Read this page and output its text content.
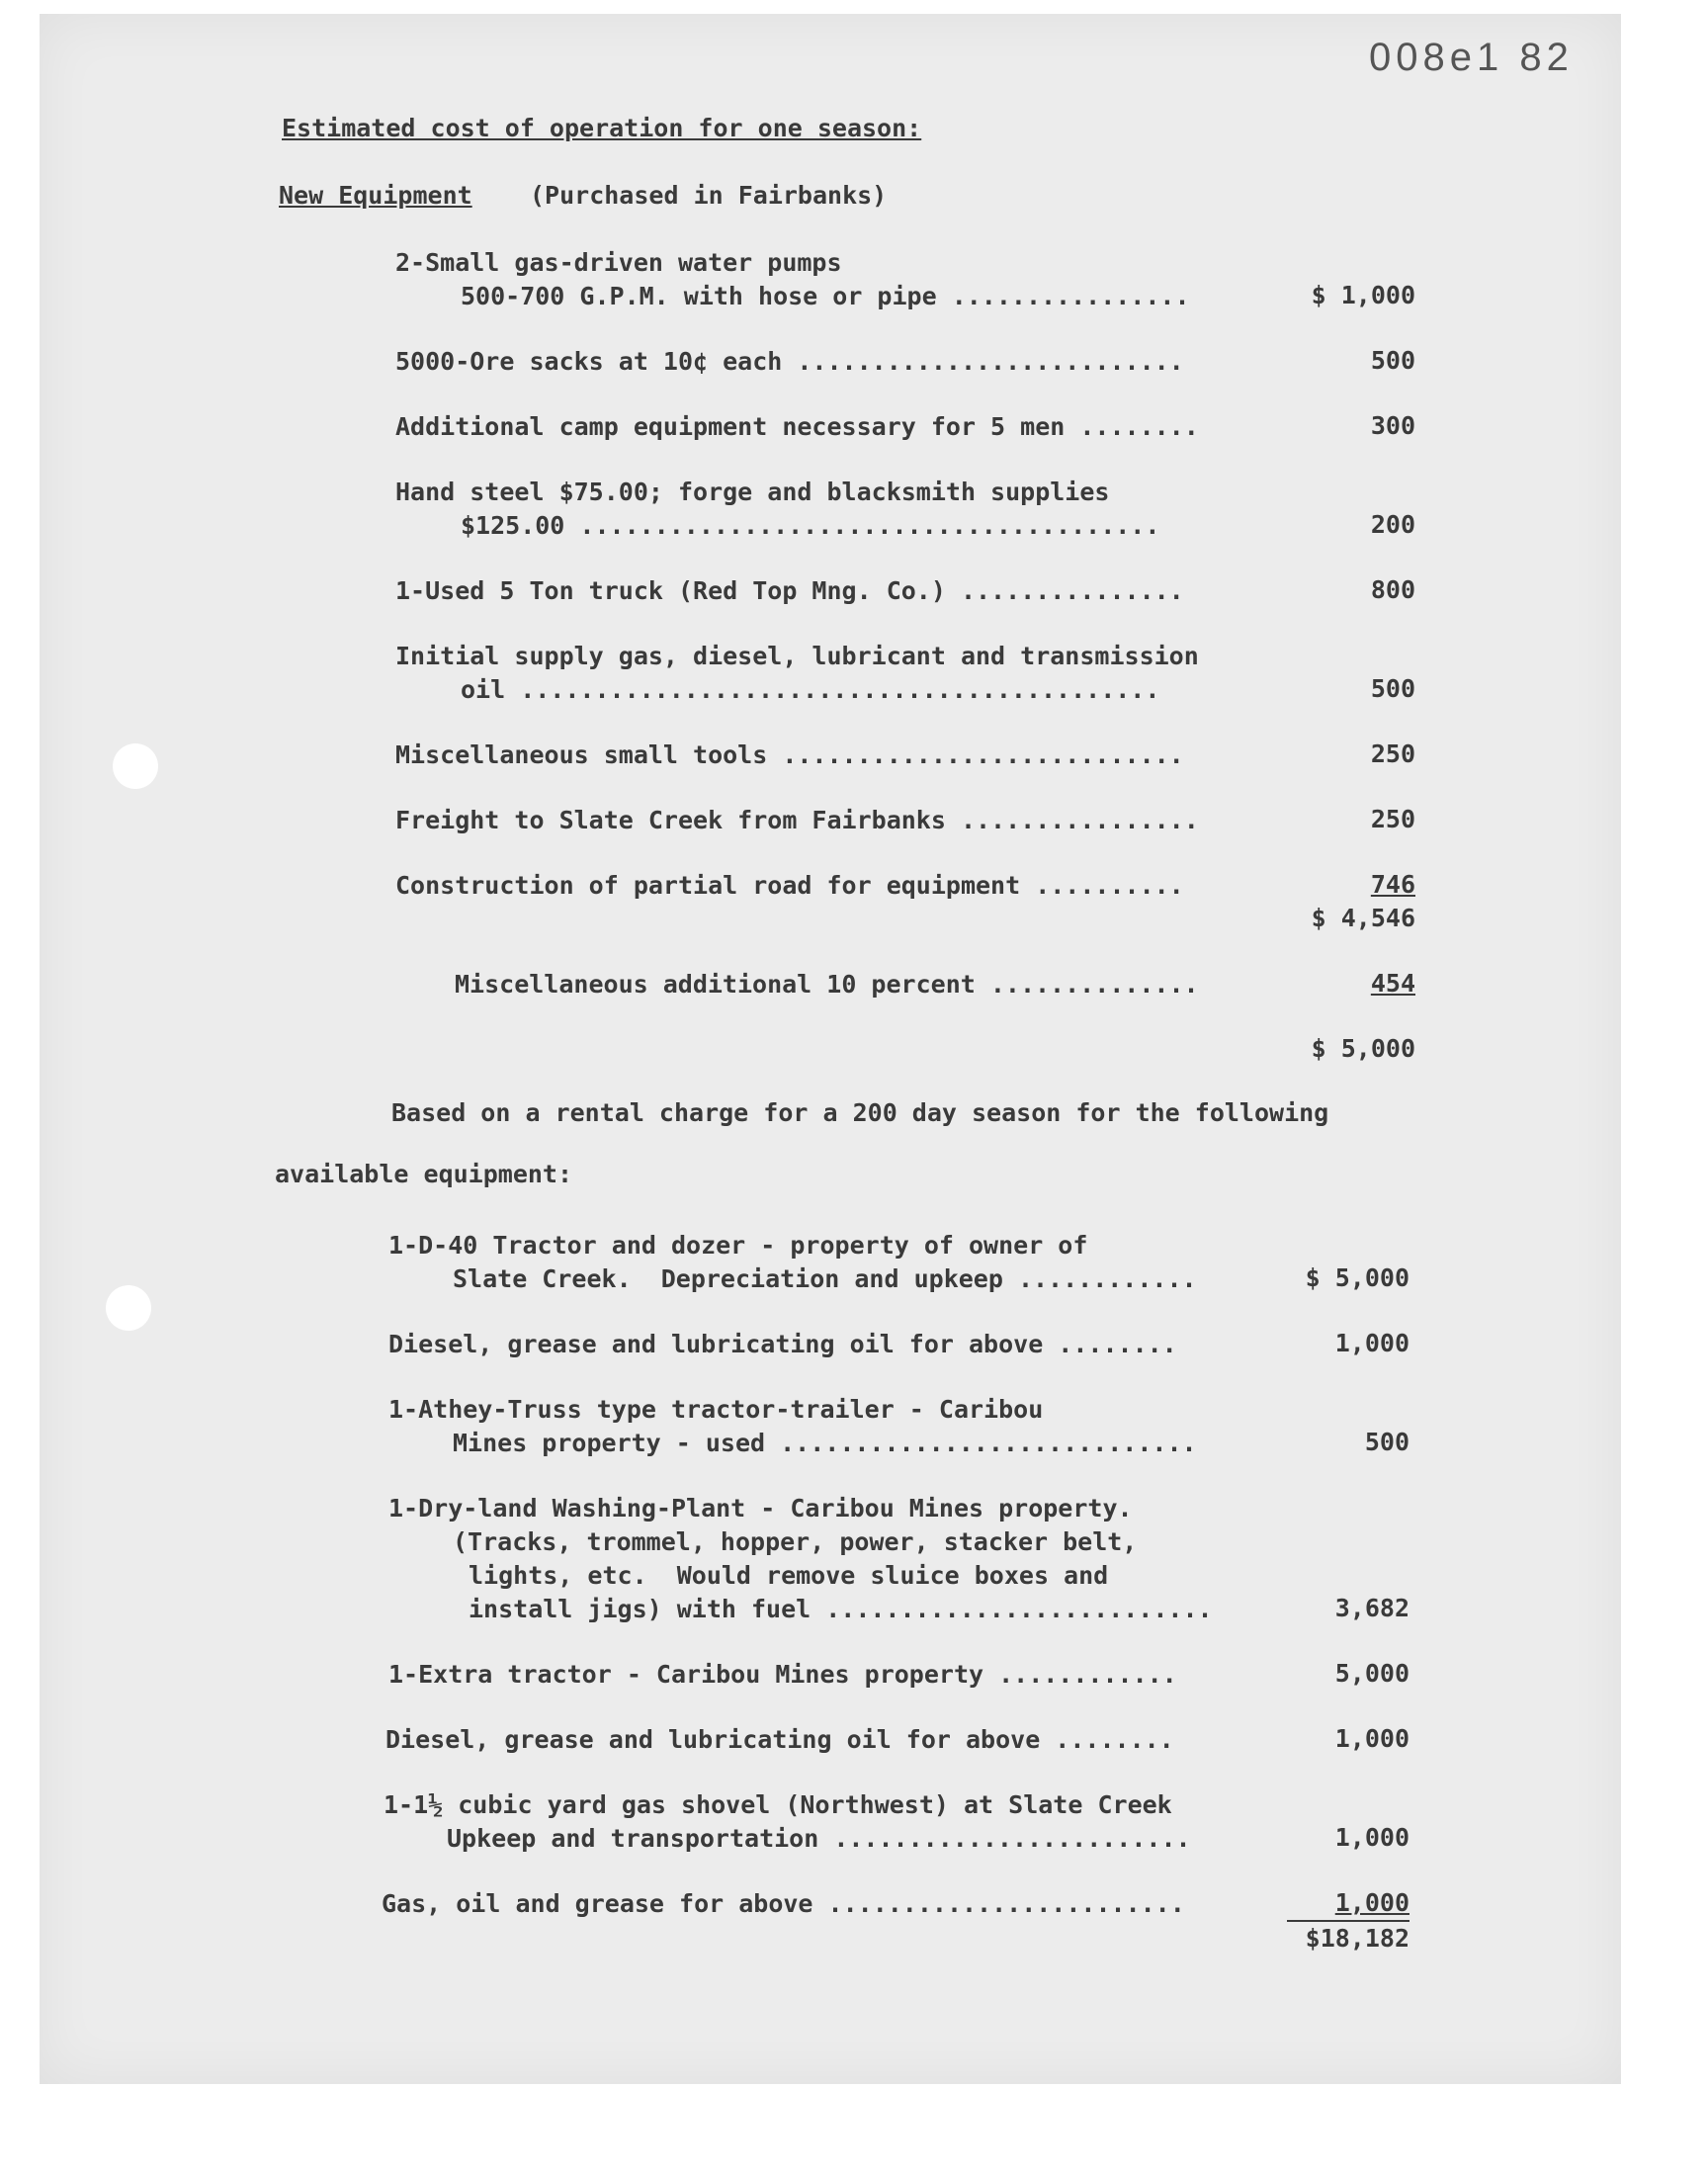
008e1 82
Estimated cost of operation for one season:
New Equipment (Purchased in Fairbanks)
2-Small gas-driven water pumps
500-700 G.P.M. with hose or pipe ................	$ 1,000
5000-Ore sacks at 10¢ each ..........................	500
Additional camp equipment necessary for 5 men ........	300
Hand steel $75.00; forge and blacksmith supplies
$125.00 .......................................	200
1-Used 5 Ton truck (Red Top Mng. Co.) ...............	800
Initial supply gas, diesel, lubricant and transmission
oil ...........................................	500
Miscellaneous small tools ...........................	250
Freight to Slate Creek from Fairbanks ................	250
Construction of partial road for equipment ..........	746
$ 4,546
Miscellaneous additional 10 percent ..............	454
$ 5,000
Based on a rental charge for a 200 day season for the following
available equipment:
1-D-40 Tractor and dozer - property of owner of
Slate Creek.  Depreciation and upkeep ............	$ 5,000
Diesel, grease and lubricating oil for above ........	1,000
1-Athey-Truss type tractor-trailer - Caribou
Mines property - used ............................	500
1-Dry-land Washing-Plant - Caribou Mines property.
(Tracks, trommel, hopper, power, stacker belt,
lights, etc.  Would remove sluice boxes and
install jigs) with fuel ..........................	3,682
1-Extra tractor - Caribou Mines property ............	5,000
Diesel, grease and lubricating oil for above ........	1,000
1-1½ cubic yard gas shovel (Northwest) at Slate Creek
Upkeep and transportation ........................	1,000
Gas, oil and grease for above ........................	1,000
$18,182
